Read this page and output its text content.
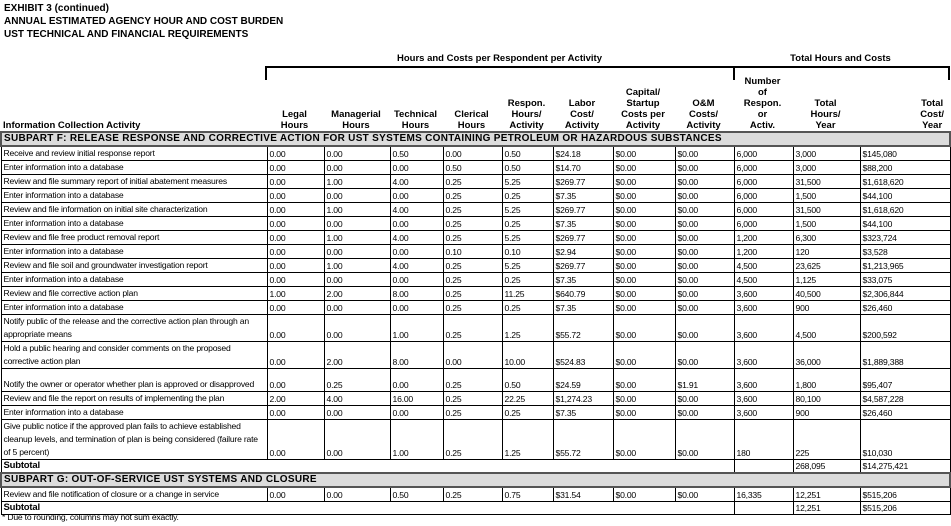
EXHIBIT 3 (continued)
ANNUAL ESTIMATED AGENCY HOUR AND COST BURDEN
UST TECHNICAL AND FINANCIAL REQUIREMENTS
Hours and Costs per Respondent per Activity	Total Hours and Costs
Information Collection Activity
Legal
Hours
Managerial
Hours
Technical
Hours
Clerical
Hours
Respon.
Hours/
Activity
Labor
Cost/
Activity
Capital/
Startup
Costs per
Activity
O&M
Costs/
Activity
Number
of
Respon.
or
Activ.
Total
Hours/
Year
Total
Cost/
Year
SUBPART F: RELEASE RESPONSE AND CORRECTIVE ACTION FOR UST SYSTEMS CONTAINING PETROLEUM OR HAZARDOUS SUBSTANCES											
Receive and review initial response report	0.00	0.00	0.50	0.00	0.50	$24.18	$0.00	$0.00	6,000	3,000	$145,080
Enter information into a database	0.00	0.00	0.00	0.50	0.50	$14.70	$0.00	$0.00	6,000	3,000	$88,200
Review and file summary report of initial abatement measures	0.00	1.00	4.00	0.25	5.25	$269.77	$0.00	$0.00	6,000	31,500	$1,618,620
Enter information into a database	0.00	0.00	0.00	0.25	0.25	$7.35	$0.00	$0.00	6,000	1,500	$44,100
Review and file information on initial site characterization	0.00	1.00	4.00	0.25	5.25	$269.77	$0.00	$0.00	6,000	31,500	$1,618,620
Enter information into a database	0.00	0.00	0.00	0.25	0.25	$7.35	$0.00	$0.00	6,000	1,500	$44,100
Review and file free product removal report	0.00	1.00	4.00	0.25	5.25	$269.77	$0.00	$0.00	1,200	6,300	$323,724
Enter information into a database	0.00	0.00	0.00	0.10	0.10	$2.94	$0.00	$0.00	1,200	120	$3,528
Review and file soil and groundwater investigation report	0.00	1.00	4.00	0.25	5.25	$269.77	$0.00	$0.00	4,500	23,625	$1,213,965
Enter information into a database	0.00	0.00	0.00	0.25	0.25	$7.35	$0.00	$0.00	4,500	1,125	$33,075
Review and file corrective action plan	1.00	2.00	8.00	0.25	11.25	$640.79	$0.00	$0.00	3,600	40,500	$2,306,844
Enter information into a database	0.00	0.00	0.00	0.25	0.25	$7.35	$0.00	$0.00	3,600	900	$26,460
Notify public of the release and the corrective action plan through an appropriate means	0.00	0.00	1.00	0.25	1.25	$55.72	$0.00	$0.00	3,600	4,500	$200,592
Hold a public hearing and consider comments on the proposed corrective action plan	0.00	2.00	8.00	0.00	10.00	$524.83	$0.00	$0.00	3,600	36,000	$1,889,388
Notify the owner or operator whether plan is approved or disapproved	0.00	0.25	0.00	0.25	0.50	$24.59	$0.00	$1.91	3,600	1,800	$95,407
Review and file the report on results of implementing the plan	2.00	4.00	16.00	0.25	22.25	$1,274.23	$0.00	$0.00	3,600	80,100	$4,587,228
Enter information into a database	0.00	0.00	0.00	0.25	0.25	$7.35	$0.00	$0.00	3,600	900	$26,460
Give public notice if the approved plan fails to achieve established cleanup levels, and termination of plan is being considered (failure rate of 5 percent)	0.00	0.00	1.00	0.25	1.25	$55.72	$0.00	$0.00	180	225	$10,030
Subtotal										268,095	$14,275,421
SUBPART G: OUT-OF-SERVICE UST SYSTEMS AND CLOSURE											
Review and file notification of closure or a change in service	0.00	0.00	0.50	0.25	0.75	$31.54	$0.00	$0.00	16,335	12,251	$515,206
Subtotal										12,251	$515,206
* Due to rounding, columns may not sum exactly.
